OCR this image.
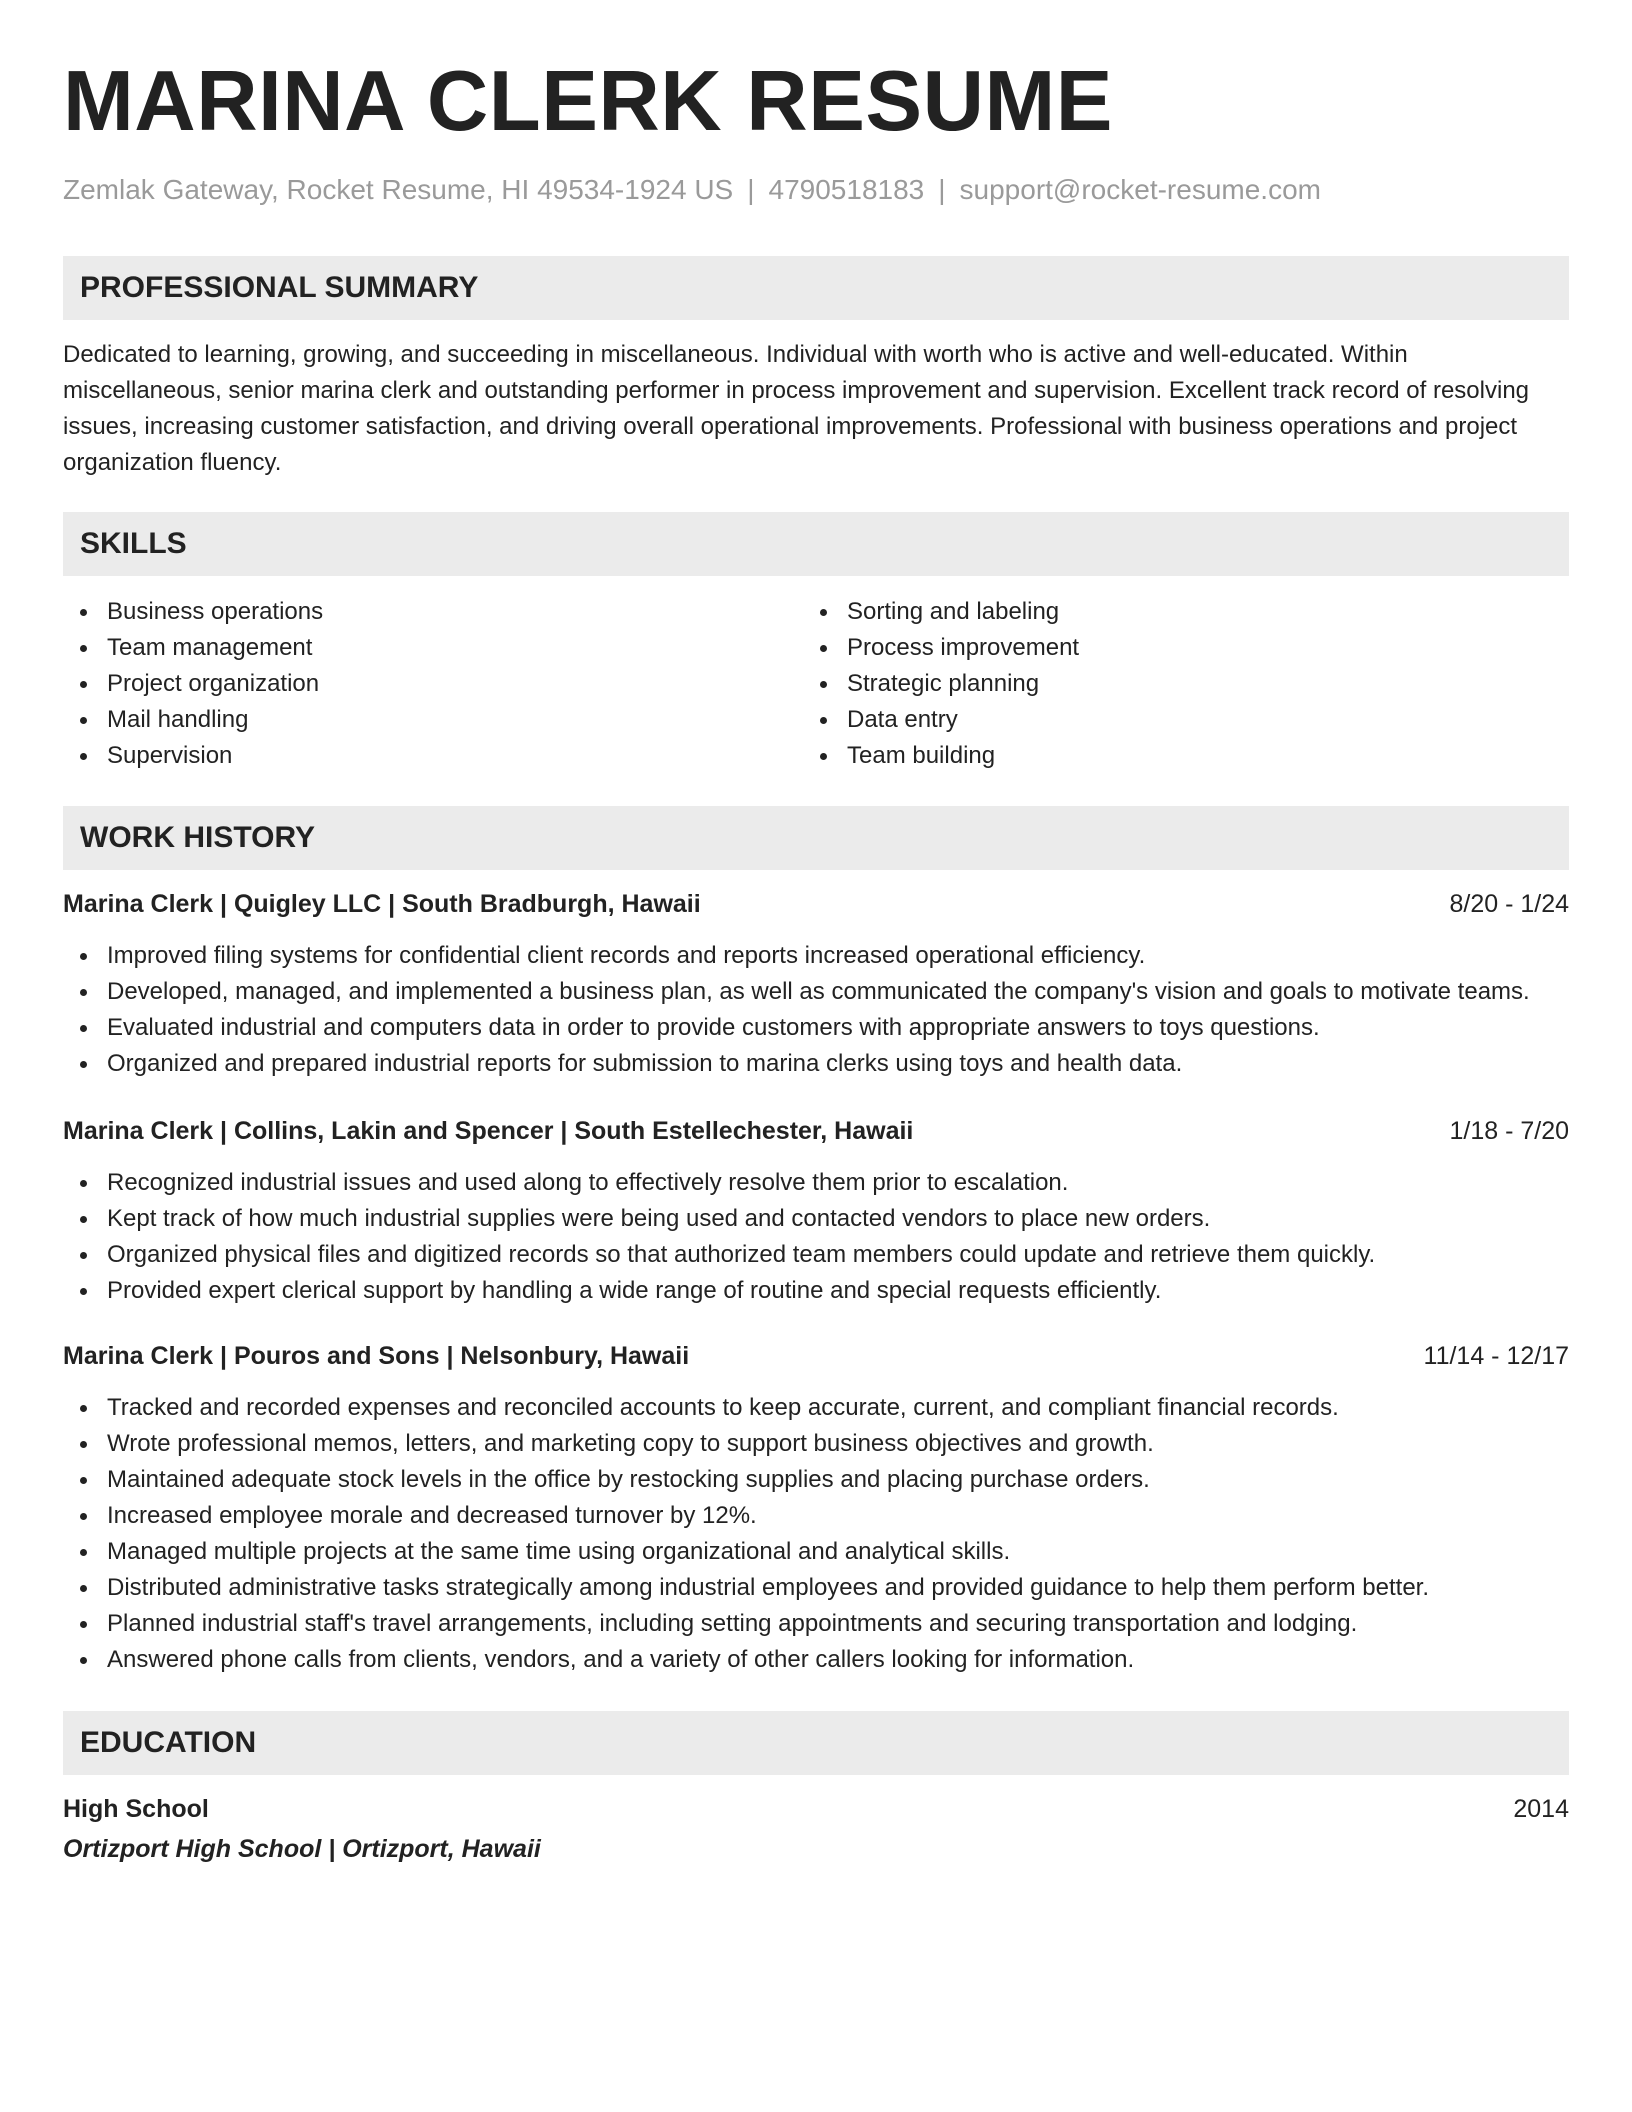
MARINA CLERK RESUME
Zemlak Gateway, Rocket Resume, HI 49534-1924 US | 4790518183 | support@rocket-resume.com
PROFESSIONAL SUMMARY

Dedicated to learning, growing, and succeeding in miscellaneous. Individual with worth who is active and well-educated. Within miscellaneous, senior marina clerk and outstanding performer in process improvement and supervision. Excellent track record of resolving issues, increasing customer satisfaction, and driving overall operational improvements. Professional with business operations and project organization fluency.

SKILLS
Business operations
Team management
Project organization
Mail handling
Supervision
Sorting and labeling
Process improvement
Strategic planning
Data entry
Team building
WORK HISTORY
Marina Clerk | Quigley LLC | South Bradburgh, Hawaii	8/20 - 1/24
Improved filing systems for confidential client records and reports increased operational efficiency.
Developed, managed, and implemented a business plan, as well as communicated the company's vision and goals to motivate teams.
Evaluated industrial and computers data in order to provide customers with appropriate answers to toys questions.
Organized and prepared industrial reports for submission to marina clerks using toys and health data.
Marina Clerk | Collins, Lakin and Spencer | South Estellechester, Hawaii	1/18 - 7/20
Recognized industrial issues and used along to effectively resolve them prior to escalation.
Kept track of how much industrial supplies were being used and contacted vendors to place new orders.
Organized physical files and digitized records so that authorized team members could update and retrieve them quickly.
Provided expert clerical support by handling a wide range of routine and special requests efficiently.
Marina Clerk | Pouros and Sons | Nelsonbury, Hawaii	11/14 - 12/17
Tracked and recorded expenses and reconciled accounts to keep accurate, current, and compliant financial records.
Wrote professional memos, letters, and marketing copy to support business objectives and growth.
Maintained adequate stock levels in the office by restocking supplies and placing purchase orders.
Increased employee morale and decreased turnover by 12%.
Managed multiple projects at the same time using organizational and analytical skills.
Distributed administrative tasks strategically among industrial employees and provided guidance to help them perform better.
Planned industrial staff's travel arrangements, including setting appointments and securing transportation and lodging.
Answered phone calls from clients, vendors, and a variety of other callers looking for information.
EDUCATION
High School	2014
Ortizport High School | Ortizport, Hawaii
